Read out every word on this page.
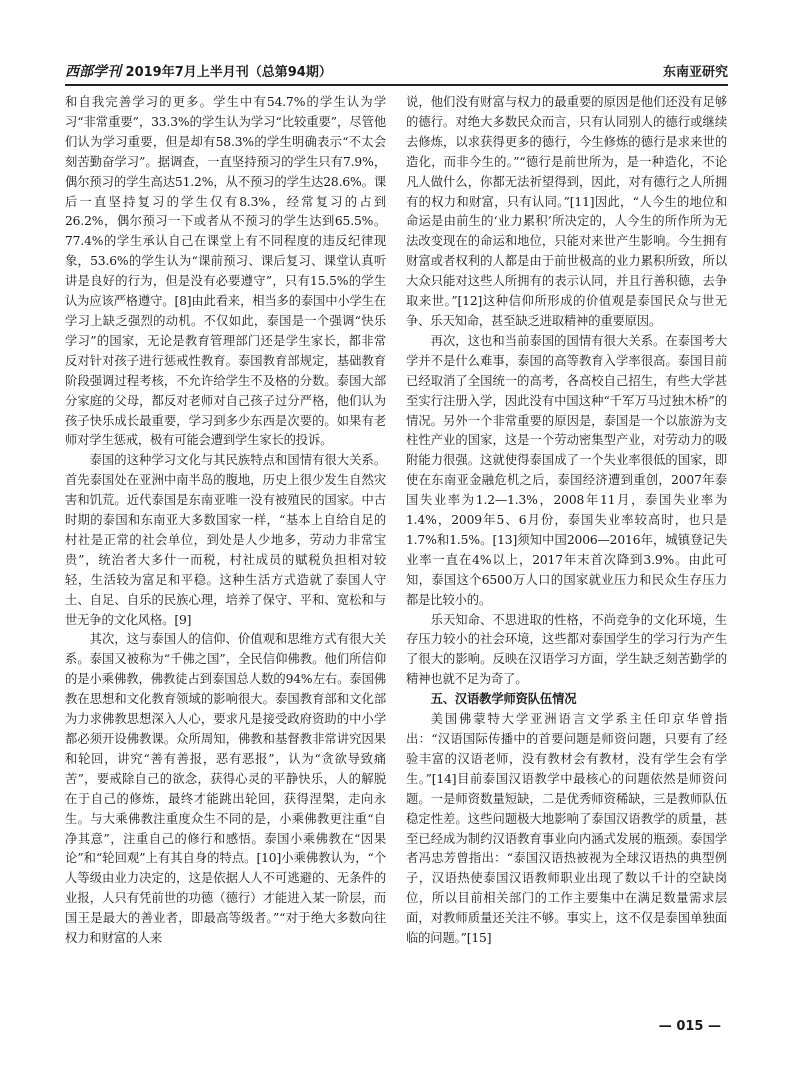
西部学刊 2019年7月上半月刊（总第94期）	东南亚研究

和自我完善学习的更多。学生中有54.7%的学生认为学习“非常重要”，33.3%的学生认为学习“比较重要”，尽管他们认为学习重要，但是却有58.3%的学生明确表示“不太会刻苦勤奋学习”。据调查，一直坚持预习的学生只有7.9%，偶尔预习的学生高达51.2%，从不预习的学生达28.6%。课后一直坚持复习的学生仅有8.3%，经常复习的占到26.2%，偶尔预习一下或者从不预习的学生达到65.5%。77.4%的学生承认自己在课堂上有不同程度的违反纪律现象，53.6%的学生认为“课前预习、课后复习、课堂认真听讲是良好的行为，但是没有必要遵守”，只有15.5%的学生认为应该严格遵守。[8]由此看来，相当多的泰国中小学生在学习上缺乏强烈的动机。不仅如此，泰国是一个强调“快乐学习”的国家，无论是教育管理部门还是学生家长，都非常反对针对孩子进行惩戒性教育。泰国教育部规定，基础教育阶段强调过程考核，不允许给学生不及格的分数。泰国大部分家庭的父母，都反对老师对自己孩子过分严格，他们认为孩子快乐成长最重要，学习到多少东西是次要的。如果有老师对学生惩戒，极有可能会遭到学生家长的投诉。

泰国的这种学习文化与其民族特点和国情有很大关系。首先泰国处在亚洲中南半岛的腹地，历史上很少发生自然灾害和饥荒。近代泰国是东南亚唯一没有被殖民的国家。中古时期的泰国和东南亚大多数国家一样，“基本上自给自足的村社是正常的社会单位，到处是人少地多，劳动力非常宝贵”，统治者大多什一而税，村社成员的赋税负担相对较轻，生活较为富足和平稳。这种生活方式造就了泰国人守土、自足、自乐的民族心理，培养了保守、平和、宽松和与世无争的文化风格。[9]

其次，这与泰国人的信仰、价值观和思维方式有很大关系。泰国又被称为“千佛之国”，全民信仰佛教。他们所信仰的是小乘佛教，佛教徒占到泰国总人数的94%左右。泰国佛教在思想和文化教育领域的影响很大。泰国教育部和文化部为力求佛教思想深入人心，要求凡是接受政府资助的中小学都必须开设佛教课。众所周知，佛教和基督教非常讲究因果和轮回，讲究“善有善报，恶有恶报”，认为“贪欲导致痛苦”，要戒除自己的欲念，获得心灵的平静快乐，人的解脱在于自己的修炼，最终才能跳出轮回，获得涅槃，走向永生。与大乘佛教注重度众生不同的是，小乘佛教更注重“自净其意”，注重自己的修行和感悟。泰国小乘佛教在“因果论”和“轮回观”上有其自身的特点。[10]小乘佛教认为，“个人等级由业力决定的，这是依据人人不可逃避的、无条件的业报，人只有凭前世的功德（德行）才能进入某一阶层，而国王是最大的善业者，即最高等级者。”“对于绝大多数向往权力和财富的人来

说，他们没有财富与权力的最重要的原因是他们还没有足够的德行。对绝大多数民众而言，只有认同别人的德行或继续去修炼，以求获得更多的德行，今生修炼的德行是求来世的造化，而非今生的。”“德行是前世所为，是一种造化，不论凡人做什么，你都无法祈望得到，因此，对有德行之人所拥有的权力和财富，只有认同。”[11]因此，“人今生的地位和命运是由前生的‘业力累积’所决定的，人今生的所作所为无法改变现在的命运和地位，只能对来世产生影响。今生拥有财富或者权利的人都是由于前世极高的业力累积所致，所以大众只能对这些人所拥有的表示认同，并且行善积德，去争取来世。”[12]这种信仰所形成的价值观是泰国民众与世无争、乐天知命，甚至缺乏进取精神的重要原因。

再次，这也和当前泰国的国情有很大关系。在泰国考大学并不是什么难事，泰国的高等教育入学率很高。泰国目前已经取消了全国统一的高考，各高校自己招生，有些大学甚至实行注册入学，因此没有中国这种“千军万马过独木桥”的情况。另外一个非常重要的原因是，泰国是一个以旅游为支柱性产业的国家，这是一个劳动密集型产业，对劳动力的吸附能力很强。这就使得泰国成了一个失业率很低的国家，即使在东南亚金融危机之后，泰国经济遭到重创，2007年泰国失业率为1.2—1.3%，2008年11月，泰国失业率为1.4%，2009年5、6月份，泰国失业率较高时，也只是1.7%和1.5%。[13]须知中国2006—2016年，城镇登记失业率一直在4%以上，2017年末首次降到3.9%。由此可知，泰国这个6500万人口的国家就业压力和民众生存压力都是比较小的。

乐天知命、不思进取的性格，不尚竞争的文化环境，生存压力较小的社会环境，这些都对泰国学生的学习行为产生了很大的影响。反映在汉语学习方面，学生缺乏刻苦勤学的精神也就不足为奇了。

五、汉语教学师资队伍情况

美国佛蒙特大学亚洲语言文学系主任印京华曾指出：“汉语国际传播中的首要问题是师资问题，只要有了经验丰富的汉语老师，没有教材会有教材，没有学生会有学生。”[14]目前泰国汉语教学中最核心的问题依然是师资问题。一是师资数量短缺，二是优秀师资稀缺，三是教师队伍稳定性差。这些问题极大地影响了泰国汉语教学的质量，甚至已经成为制约汉语教育事业向内涵式发展的瓶颈。泰国学者冯忠芳曾指出：“泰国汉语热被视为全球汉语热的典型例子，汉语热使泰国汉语教师职业出现了数以千计的空缺岗位，所以目前相关部门的工作主要集中在满足数量需求层面，对教师质量还关注不够。事实上，这不仅是泰国单独面临的问题。”[15]

— 015 —
